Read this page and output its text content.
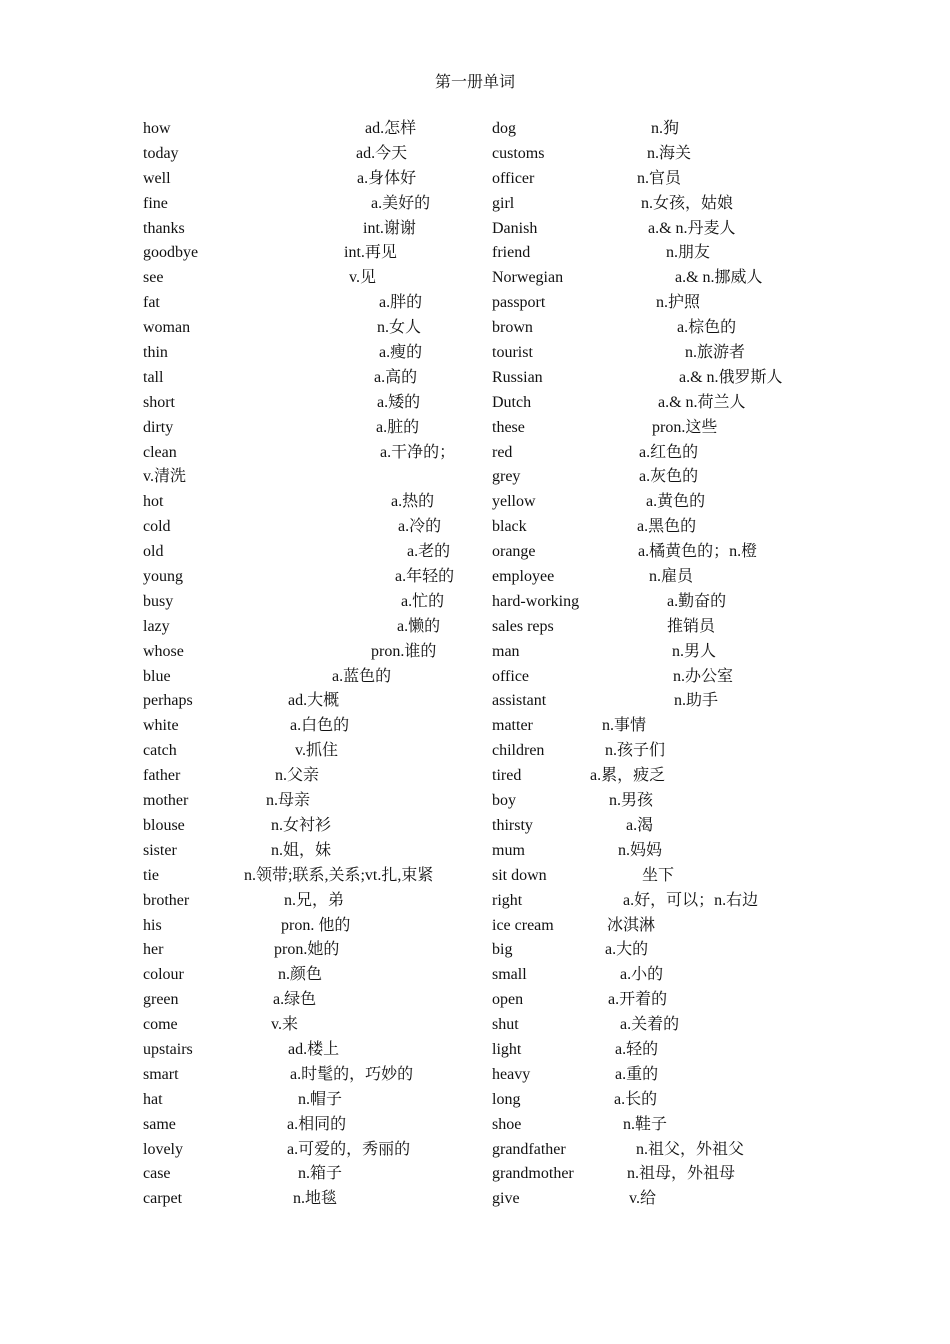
第一册单词
how	ad.怎样
today	ad.今天
well	a.身体好
fine	a.美好的
thanks	int.谢谢
goodbye	int.再见
see	v.见
fat	a.胖的
woman	n.女人
thin	a.瘦的
tall	a.高的
short	a.矮的
dirty	a.脏的
clean	a.干净的；
v.清洗
hot	a.热的
cold	a.冷的
old	a.老的
young	a.年轻的
busy	a.忙的
lazy	a.懒的
whose	pron.谁的
blue	a.蓝色的
perhaps	ad.大概
white	a.白色的
catch	v.抓住
father	n.父亲
mother	n.母亲
blouse	n.女衬衫
sister	n.姐，妹
tie	n.领带;联系,关系;vt.扎,束紧
brother	n.兄，弟
his	pron. 他的
her	pron.她的
colour	n.颜色
green	a.绿色
come	v.来
upstairs	ad.楼上
smart	a.时髦的，巧妙的
hat	n.帽子
same	a.相同的
lovely	a.可爱的，秀丽的
case	n.箱子
carpet	n.地毯
dog	n.狗
customs	n.海关
officer	n.官员
girl	n.女孩，姑娘
Danish	a.& n.丹麦人
friend	n.朋友
Norwegian	a.& n.挪威人
passport	n.护照
brown	a.棕色的
tourist	n.旅游者
Russian	a.& n.俄罗斯人
Dutch	a.& n.荷兰人
these	pron.这些
red	a.红色的
grey	a.灰色的
yellow	a.黄色的
black	a.黑色的
orange	a.橘黄色的；n.橙
employee	n.雇员
hard-working	a.勤奋的
sales reps	推销员
man	n.男人
office	n.办公室
assistant	n.助手
matter	n.事情
children	n.孩子们
tired	a.累，疲乏
boy	n.男孩
thirsty	a.渴
mum	n.妈妈
sit down	坐下
right	a.好，可以；n.右边
ice cream	冰淇淋
big	a.大的
small	a.小的
open	a.开着的
shut	a.关着的
light	a.轻的
heavy	a.重的
long	a.长的
shoe	n.鞋子
grandfather	n.祖父，外祖父
grandmother	n.祖母，外祖母
give	v.给
